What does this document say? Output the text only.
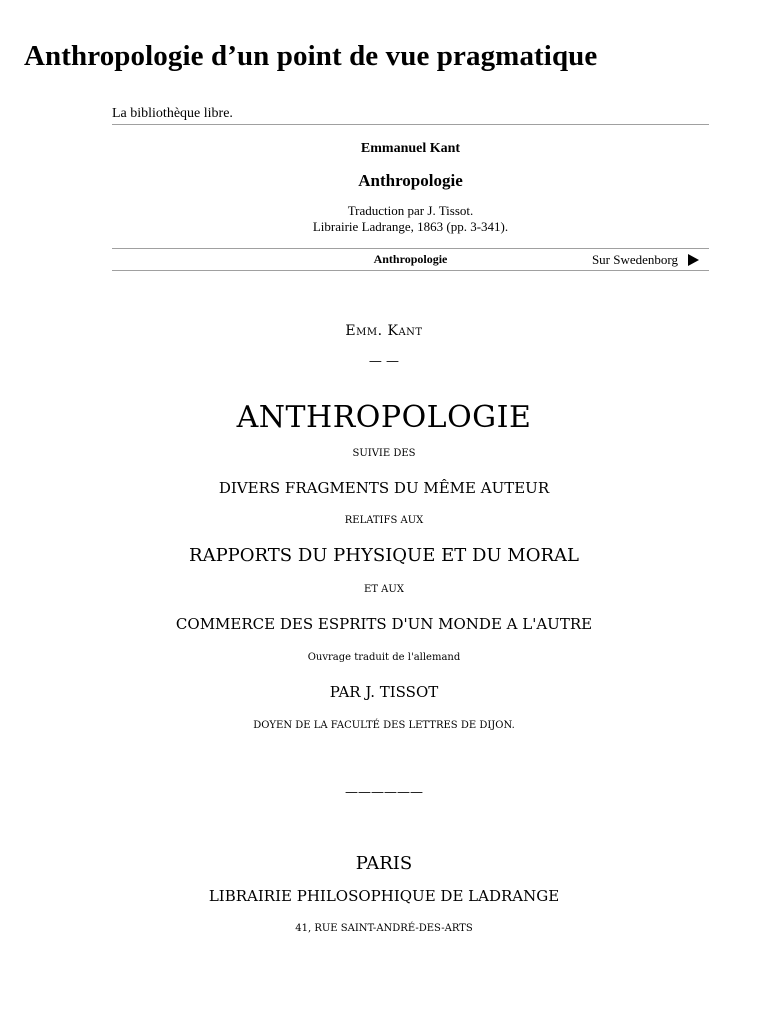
Anthropologie d’un point de vue pragmatique
La bibliothèque libre.
Emmanuel Kant
Anthropologie
Traduction par J. Tissot.
Librairie Ladrange, 1863 (pp. 3-341).
Anthropologie	Sur Swedenborg
Emm. Kant
— —
ANTHROPOLOGIE
SUIVIE DES
DIVERS FRAGMENTS DU MÊME AUTEUR
RELATIFS AUX
RAPPORTS DU PHYSIQUE ET DU MORAL
ET AUX
COMMERCE DES ESPRITS D'UN MONDE A L'AUTRE
Ouvrage traduit de l'allemand
PAR J. TISSOT
DOYEN DE LA FACULTÉ DES LETTRES DE DIJON.
——————
PARIS
LIBRAIRIE PHILOSOPHIQUE DE LADRANGE
41, RUE SAINT-ANDRÉ-DES-ARTS
